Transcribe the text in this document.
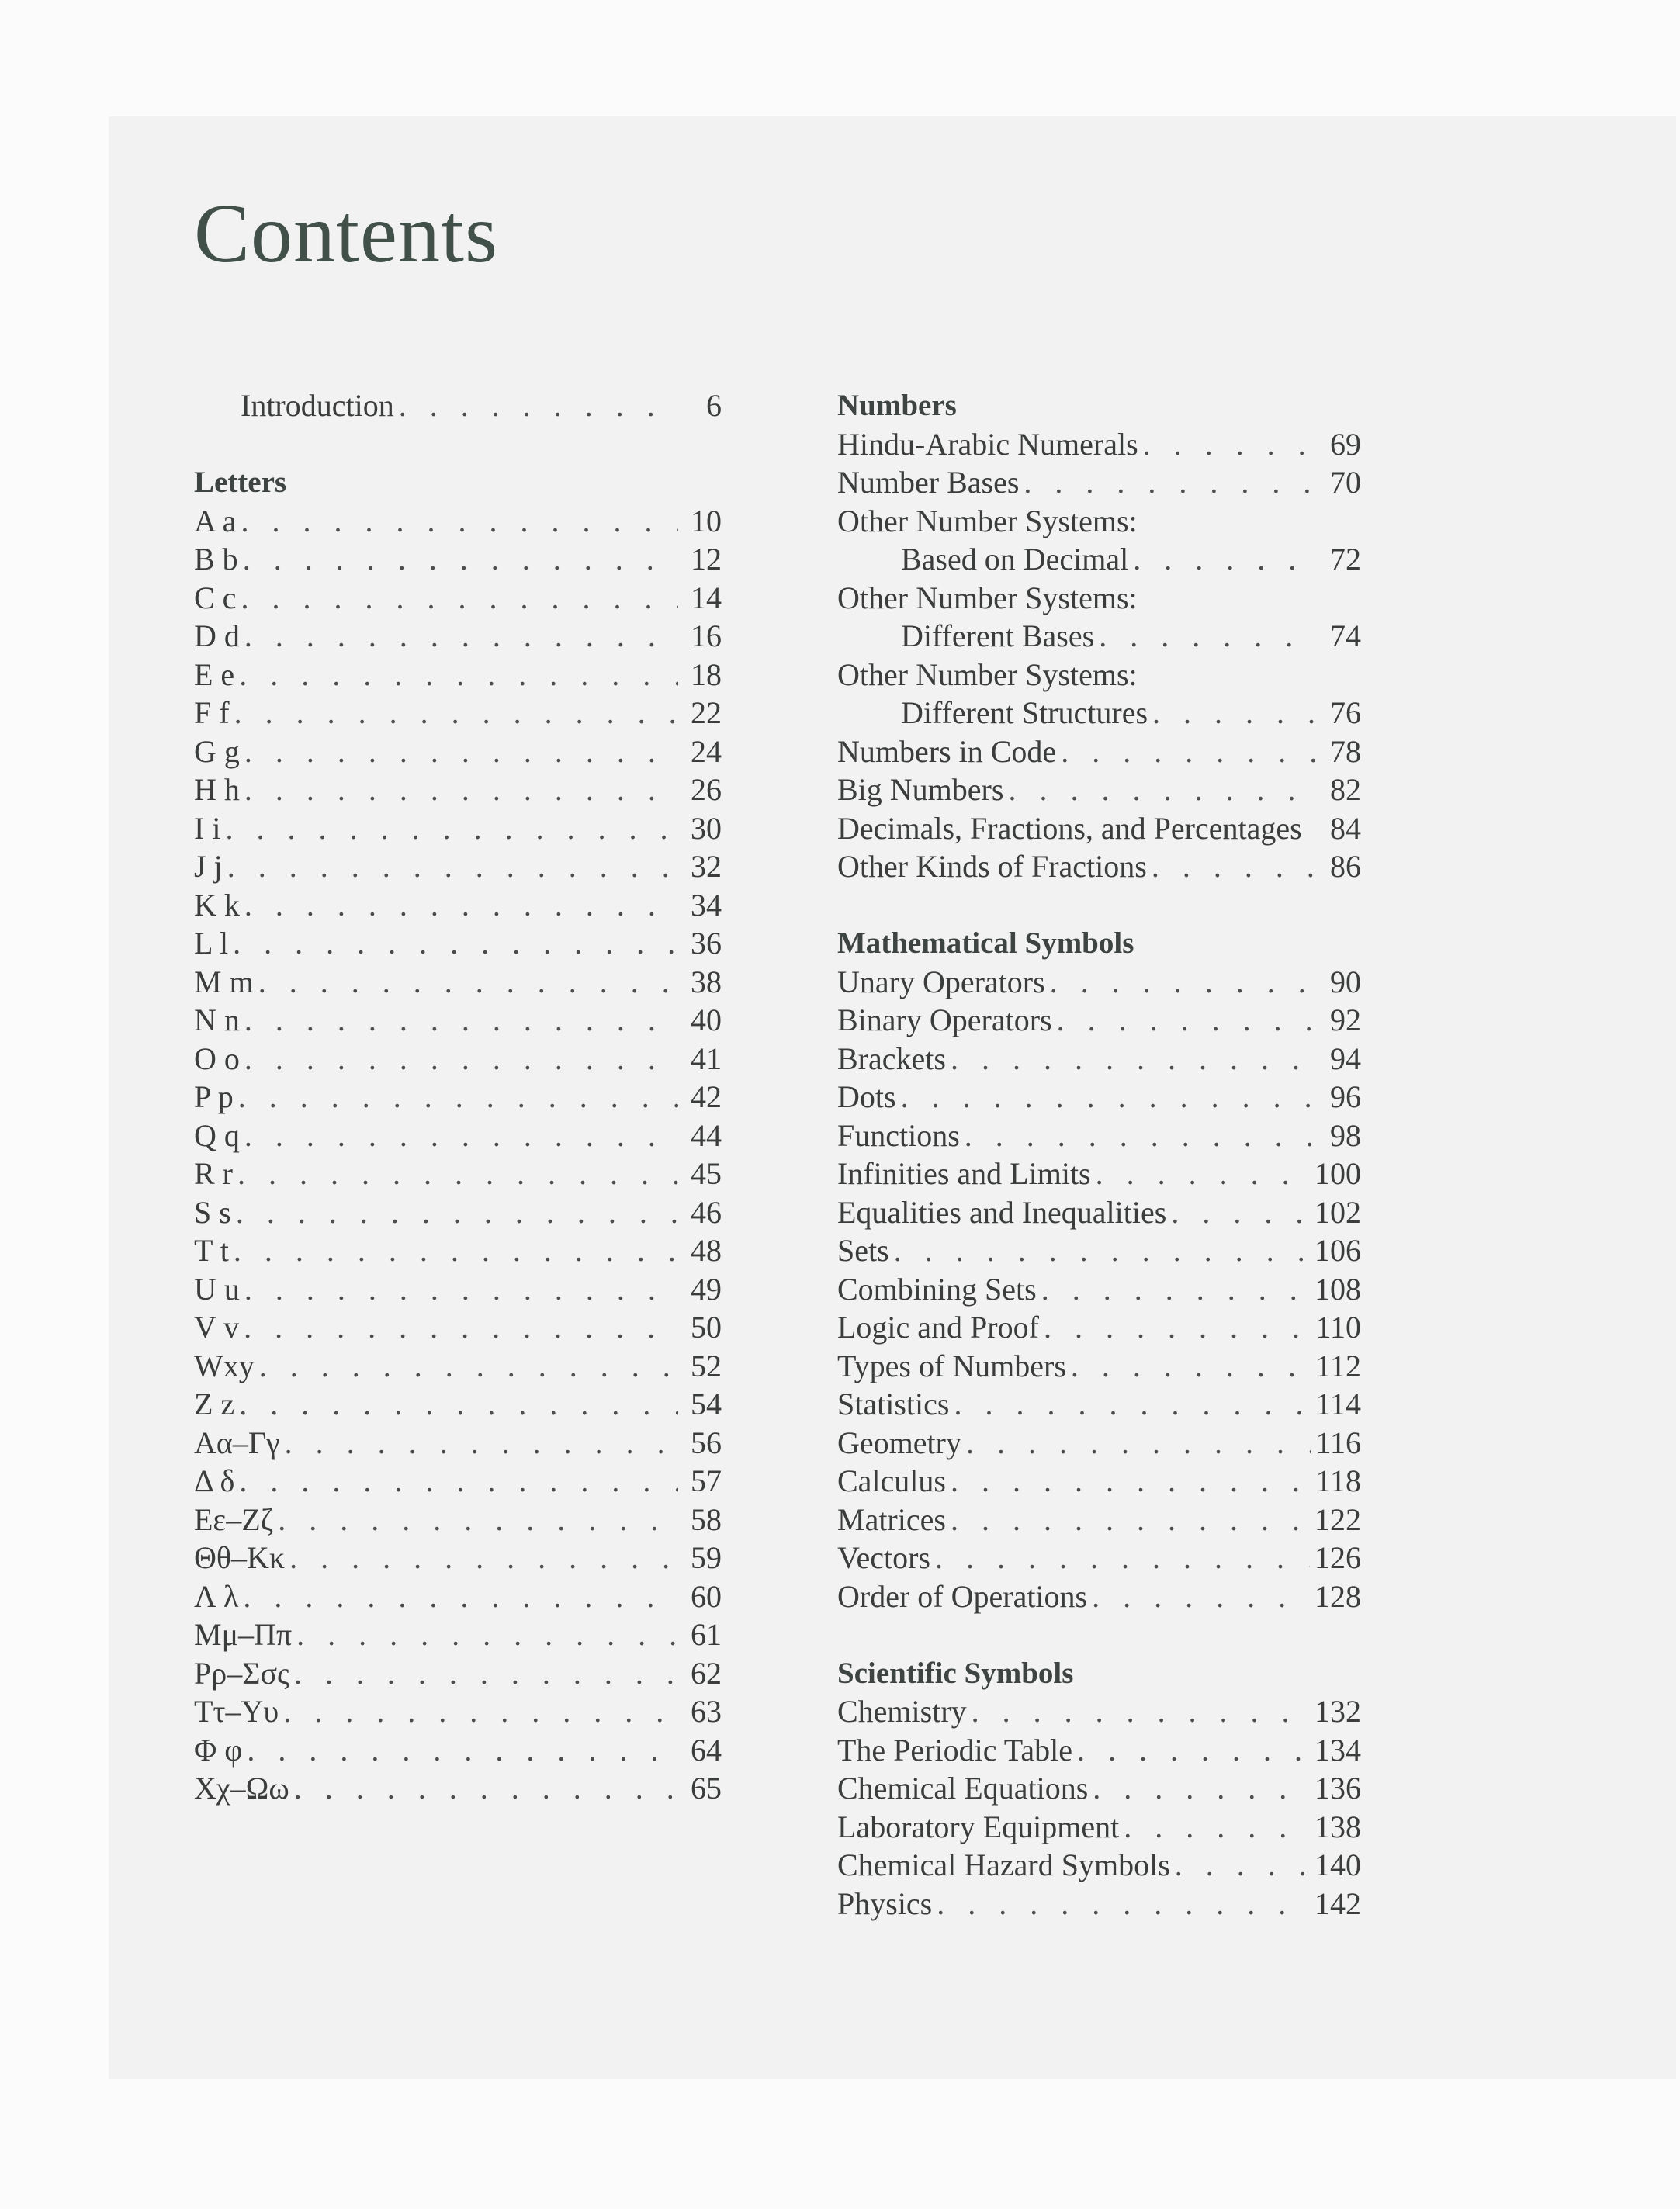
Contents
Introduction . . .	6
Letters
A a . . .	10
B b . . .	12
C c . . .	14
D d . . .	16
E e . . .	18
F f . . .	22
G g . . .	24
H h . . .	26
I i . . .	30
J j . . .	32
K k . . .	34
L l . . .	36
M m . . .	38
N n . . .	40
O o . . .	41
P p . . .	42
Q q . . .	44
R r . . .	45
S s . . .	46
T t . . .	48
U u . . .	49
V v . . .	50
Wxy . . .	52
Z z . . .	54
Αα–Γγ . . .	56
Δ δ . . .	57
Εε–Ζζ . . .	58
Θθ–Κκ . . .	59
Λ λ . . .	60
Μμ–Ππ . . .	61
Ρρ–Σσς . . .	62
Ττ–Υυ . . .	63
Φ φ . . .	64
Χχ–Ωω . . .	65
Numbers
Hindu-Arabic Numerals . . .	69
Number Bases . . .	70
Other Number Systems:
Based on Decimal . . .	72
Other Number Systems:
Different Bases . . .	74
Other Number Systems:
Different Structures . . .	76
Numbers in Code . . .	78
Big Numbers . . .	82
Decimals, Fractions, and Percentages 84
Other Kinds of Fractions . . .	86
Mathematical Symbols
Unary Operators . . .	90
Binary Operators . . .	92
Brackets . . .	94
Dots . . .	96
Functions . . .	98
Infinities and Limits . . .	100
Equalities and Inequalities . . .	102
Sets . . .	106
Combining Sets . . .	108
Logic and Proof . . .	110
Types of Numbers . . .	112
Statistics . . .	114
Geometry . . .	116
Calculus . . .	118
Matrices . . .	122
Vectors . . .	126
Order of Operations . . .	128
Scientific Symbols
Chemistry . . .	132
The Periodic Table . . .	134
Chemical Equations . . .	136
Laboratory Equipment . . .	138
Chemical Hazard Symbols . . .	140
Physics . . .	142
